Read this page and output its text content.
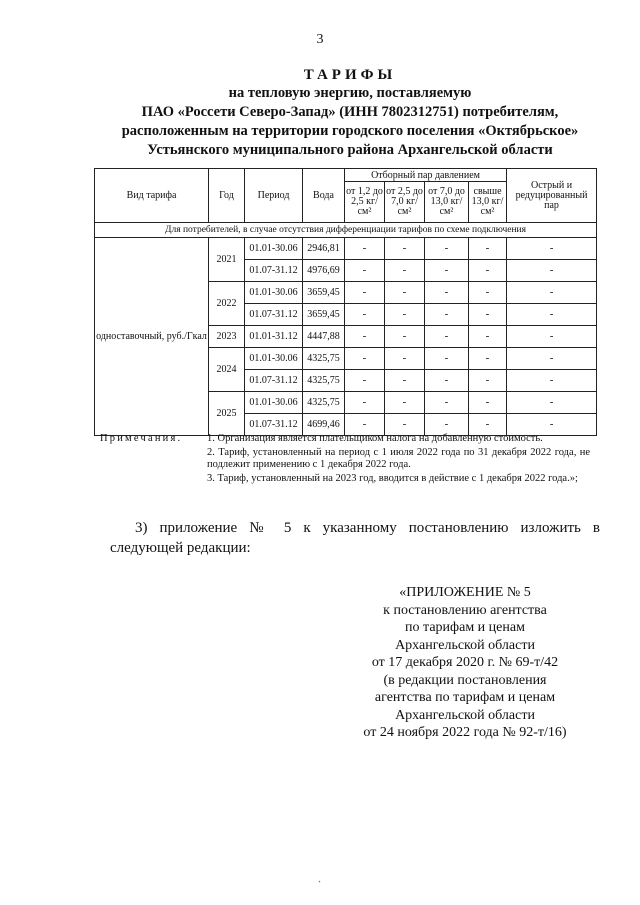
3
ТАРИФЫ
на тепловую энергию, поставляемую
ПАО «Россети Северо-Запад» (ИНН 7802312751) потребителям,
расположенным на территории городского поселения «Октябрьское»
Устьянского муниципального района Архангельской области
Вид тарифа	Год	Период	Вода	Отборный пар давлением				Острый и редуцированный пар
				от 1,2 до 2,5 кг/см²	от 2,5 до 7,0 кг/см²	от 7,0 до 13,0 кг/см²	свыше 13,0 кг/см²	
Для потребителей, в случае отсутствия дифференциации тарифов по схеме подключения								
одноставочный, руб./Гкал	2021	01.01-30.06	2946,81	-	-	-	-	-
		01.07-31.12	4976,69	-	-	-	-	-
	2022	01.01-30.06	3659,45	-	-	-	-	-
		01.07-31.12	3659,45	-	-	-	-	-
	2023	01.01-31.12	4447,88	-	-	-	-	-
	2024	01.01-30.06	4325,75	-	-	-	-	-
		01.07-31.12	4325,75	-	-	-	-	-
	2025	01.01-30.06	4325,75	-	-	-	-	-
		01.07-31.12	4699,46	-	-	-	-	-
Примечания. 1. Организация является плательщиком налога на добавленную стоимость.
2. Тариф, установленный на период с 1 июля 2022 года по 31 декабря 2022 года, не подлежит применению с 1 декабря 2022 года.
3. Тариф, установленный на 2023 год, вводится в действие с 1 декабря 2022 года.»;
3) приложение № 5 к указанному постановлению изложить в следующей редакции:
«ПРИЛОЖЕНИЕ № 5
к постановлению агентства
по тарифам и ценам
Архангельской области
от 17 декабря 2020 г. № 69-т/42
(в редакции постановления
агентства по тарифам и ценам
Архангельской области
от 24 ноября 2022 года № 92-т/16)
